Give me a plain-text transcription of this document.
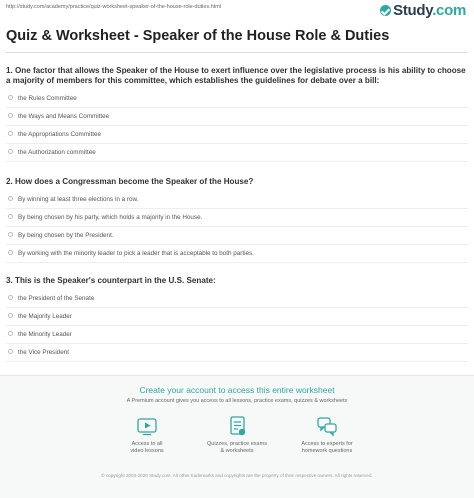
http://study.com/academy/practice/quiz-worksheet-speaker-of-the-house-role-duties.html	Study.com
Quiz & Worksheet - Speaker of the House Role & Duties

1. One factor that allows the Speaker of the House to exert influence over the legislative process is his ability to choose a majority of members for this committee, which establishes the guidelines for debate over a bill:

the Rules Committee
the Ways and Means Committee
the Appropriations Committee
the Authorization committee

2. How does a Congressman become the Speaker of the House?

By winning at least three elections in a row.
By being chosen by his party, which holds a majority in the House.
By being chosen by the President.
By working with the minority leader to pick a leader that is acceptable to both parties.

3. This is the Speaker's counterpart in the U.S. Senate:

the President of the Senate
the Majority Leader
the Minority Leader
the Vice President
Create your account to access this entire worksheet
A Premium account gives you access to all lessons, practice exams, quizzes & worksheets
Access to all
video lessons
Quizzes, practice exams
& worksheets
Access to experts for
homework questions
© copyright 2003-2020 Study.com. All other trademarks and copyrights are the property of their respective owners. All rights reserved.
